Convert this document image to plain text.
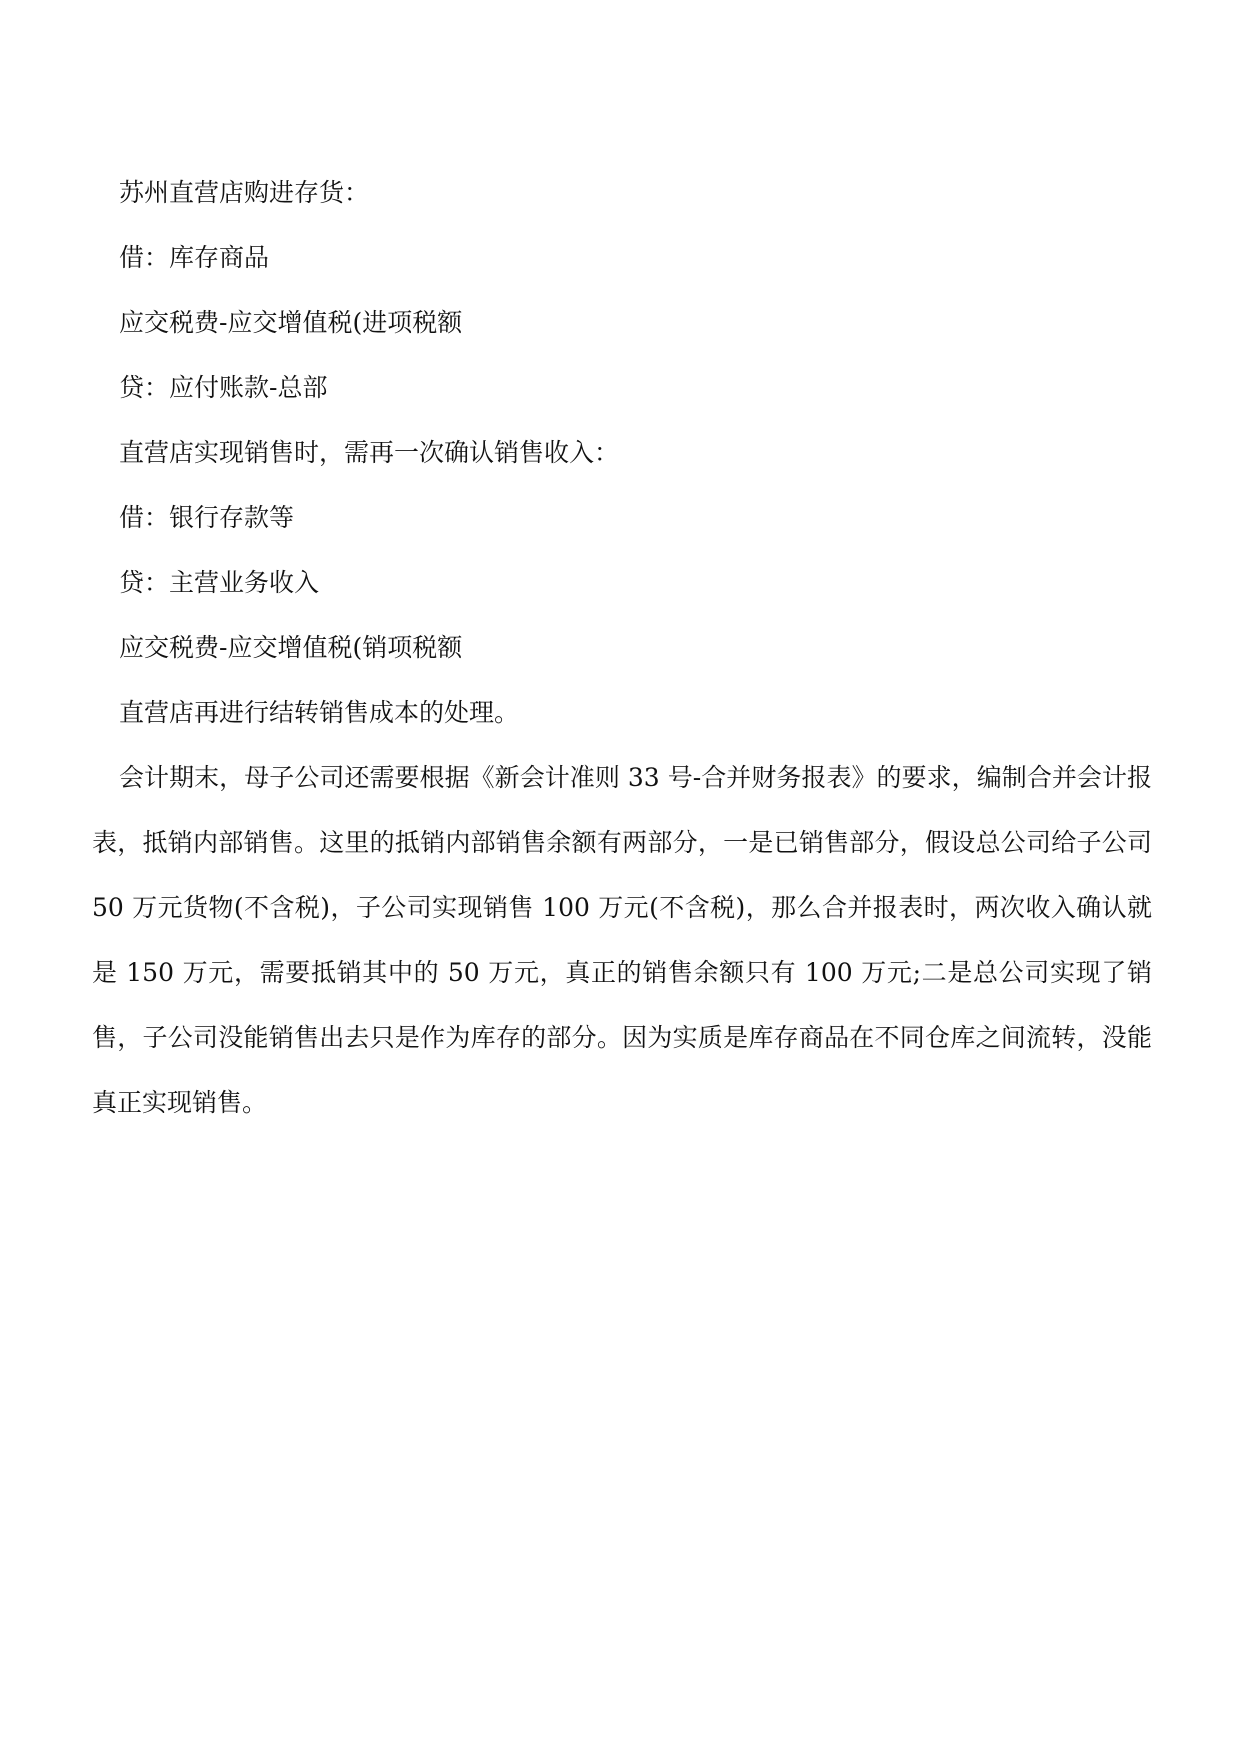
苏州直营店购进存货：

借：库存商品

应交税费-应交增值税(进项税额

贷：应付账款-总部

直营店实现销售时，需再一次确认销售收入：

借：银行存款等

贷：主营业务收入

应交税费-应交增值税(销项税额

直营店再进行结转销售成本的处理。

会计期末，母子公司还需要根据《新会计准则 33 号-合并财务报表》的要求，编制合并会计报表，抵销内部销售。这里的抵销内部销售余额有两部分，一是已销售部分，假设总公司给子公司 50 万元货物(不含税)，子公司实现销售 100 万元(不含税)，那么合并报表时，两次收入确认就是 150 万元，需要抵销其中的 50 万元，真正的销售余额只有 100 万元;二是总公司实现了销售，子公司没能销售出去只是作为库存的部分。因为实质是库存商品在不同仓库之间流转，没能真正实现销售。
